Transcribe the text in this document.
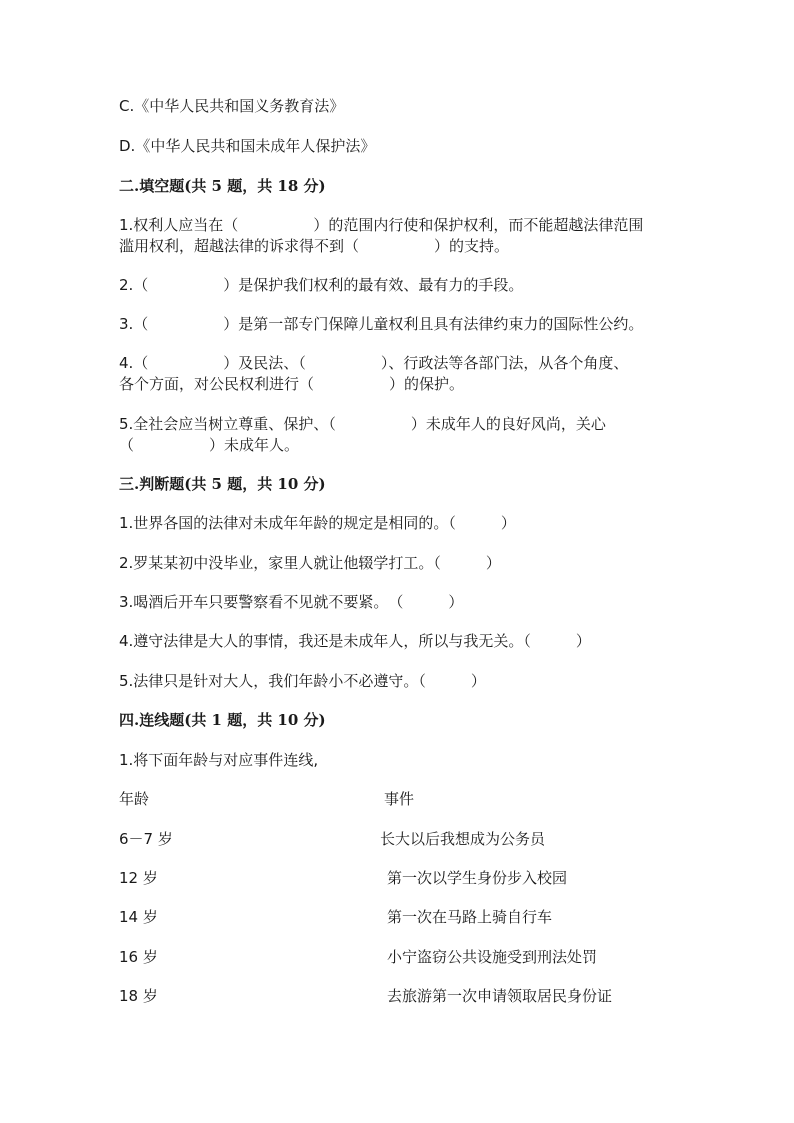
C.《中华人民共和国义务教育法》
D.《中华人民共和国未成年人保护法》
二.填空题(共 5 题，共 18 分)
1.权利人应当在（　　　　　）的范围内行使和保护权利，而不能超越法律范围
滥用权利，超越法律的诉求得不到（　　　　　）的支持。
2.（　　　　　）是保护我们权利的最有效、最有力的手段。
3.（　　　　　）是第一部专门保障儿童权利且具有法律约束力的国际性公约。
4.（　　　　　）及民法、（　　　　　）、行政法等各部门法，从各个角度、
各个方面，对公民权利进行（　　　　　）的保护。
5.全社会应当树立尊重、保护、（　　　　　）未成年人的良好风尚，关心
（　　　　　）未成年人。
三.判断题(共 5 题，共 10 分)
1.世界各国的法律对未成年年龄的规定是相同的。（　　　）
2.罗某某初中没毕业，家里人就让他辍学打工。（　　　）
3.喝酒后开车只要警察看不见就不要紧。　（　　　）
4.遵守法律是大人的事情，我还是未成年人，所以与我无关。（　　　）
5.法律只是针对大人，我们年龄小不必遵守。（　　　）
四.连线题(共 1 题，共 10 分)
1.将下面年龄与对应事件连线,
年龄	事件
6－7 岁	长大以后我想成为公务员
12 岁	第一次以学生身份步入校园
14 岁	第一次在马路上骑自行车
16 岁	小宁盗窃公共设施受到刑法处罚
18 岁	去旅游第一次申请领取居民身份证
